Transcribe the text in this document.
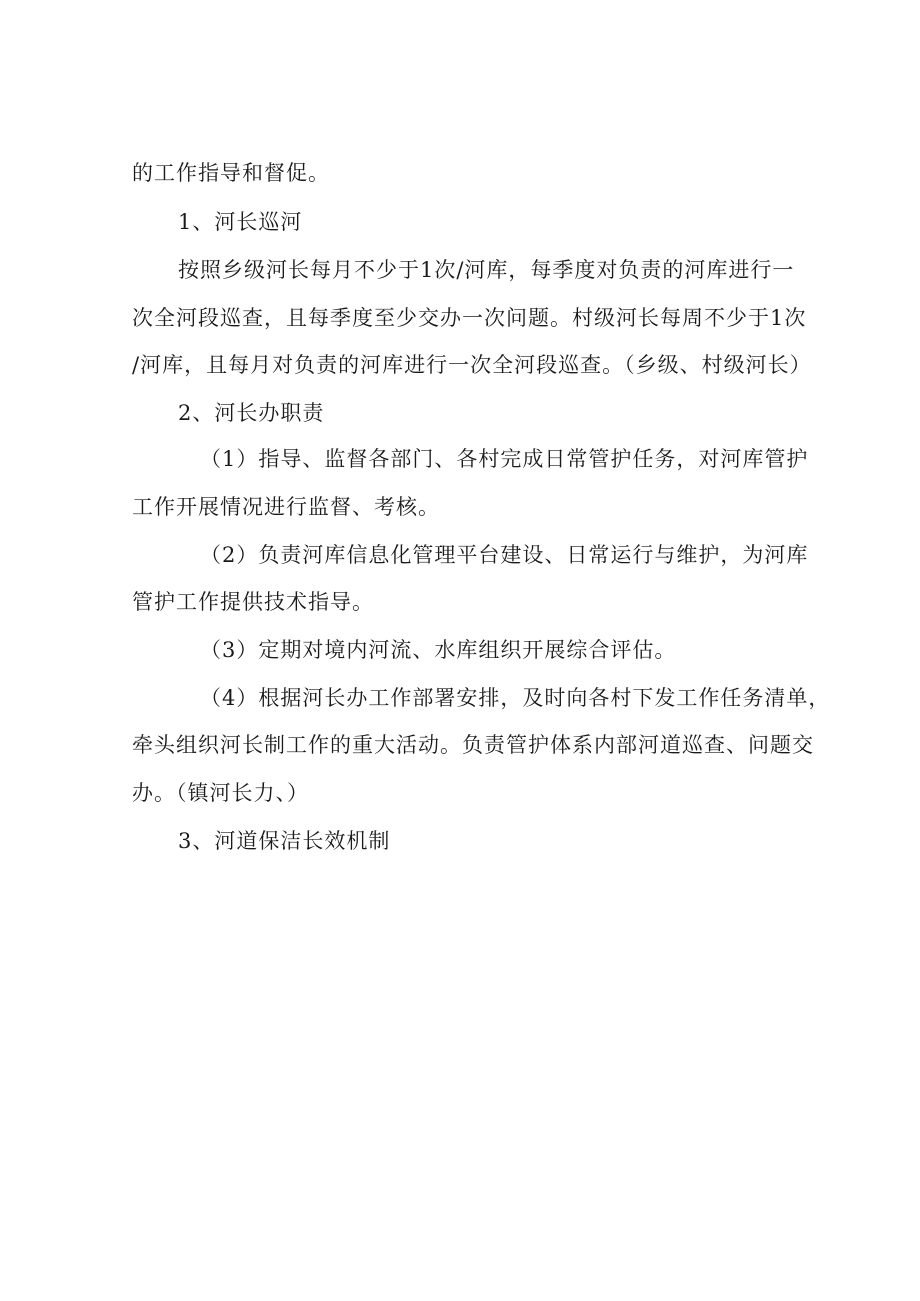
的工作指导和督促。
1、河长巡河
按照乡级河长每月不少于1次/河库，每季度对负责的河库进行一
次全河段巡查，且每季度至少交办一次问题。村级河长每周不少于1次
/河库，且每月对负责的河库进行一次全河段巡查。（乡级、村级河长）
2、河长办职责
（1）指导、监督各部门、各村完成日常管护任务，对河库管护
工作开展情况进行监督、考核。
（2）负责河库信息化管理平台建设、日常运行与维护，为河库
管护工作提供技术指导。
（3）定期对境内河流、水库组织开展综合评估。
（4）根据河长办工作部署安排，及时向各村下发工作任务清单，
牵头组织河长制工作的重大活动。负责管护体系内部河道巡查、问题交
办。（镇河长力、）
3、河道保洁长效机制
